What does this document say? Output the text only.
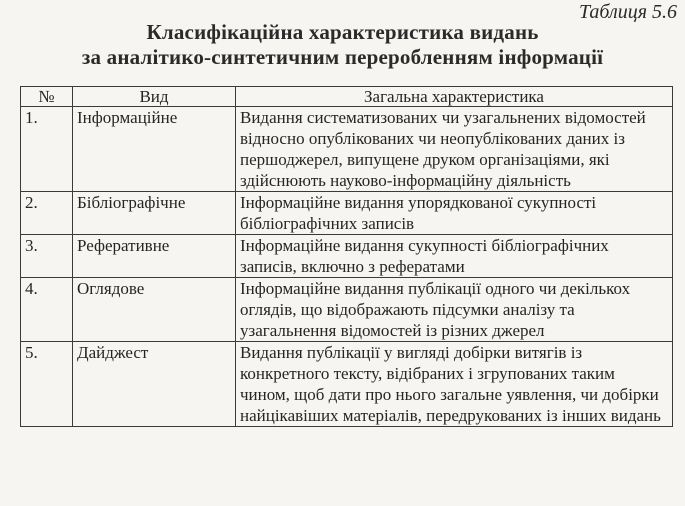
Таблиця 5.6
Класифікаційна характеристика видань
за аналітико-синтетичним переробленням інформації
№	Вид	Загальна характеристика
1.	Інформаційне	Видання систематизованих чи узагальнених відомостей відносно опублікованих чи неопублікованих даних із першоджерел, випущене друком організаціями, які здійснюють науково-інформаційну діяльність
2.	Бібліографічне	Інформаційне видання упорядкованої сукупності бібліографічних записів
3.	Реферативне	Інформаційне видання сукупності бібліографічних записів, включно з рефератами
4.	Оглядове	Інформаційне видання публікації одного чи декількох оглядів, що відображають підсумки аналізу та узагальнення відомостей із різних джерел
5.	Дайджест	Видання публікації у вигляді добірки витягів із конкретного тексту, відібраних і згрупованих таким чином, щоб дати про нього загальне уявлення, чи добірки найцікавіших матеріалів, передрукованих із інших видань
